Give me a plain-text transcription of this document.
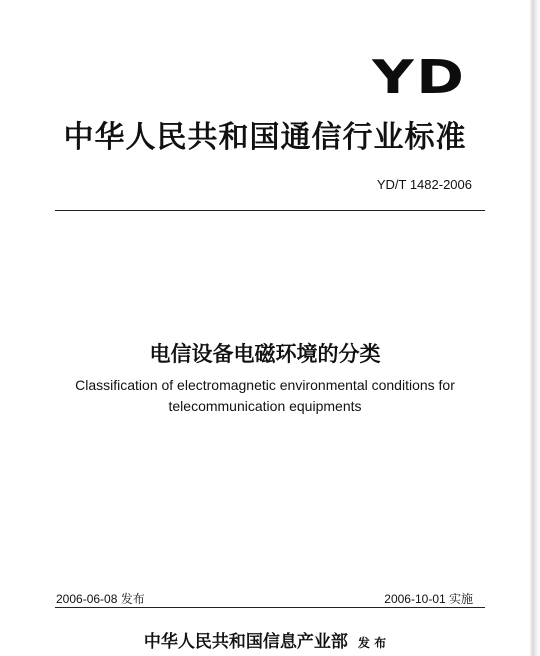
YD
中华人民共和国通信行业标准
YD/T 1482-2006
电信设备电磁环境的分类
Classification of electromagnetic environmental conditions for
telecommunication equipments
2006-06-08 发布	2006-10-01 实施
中华人民共和国信息产业部 发 布
